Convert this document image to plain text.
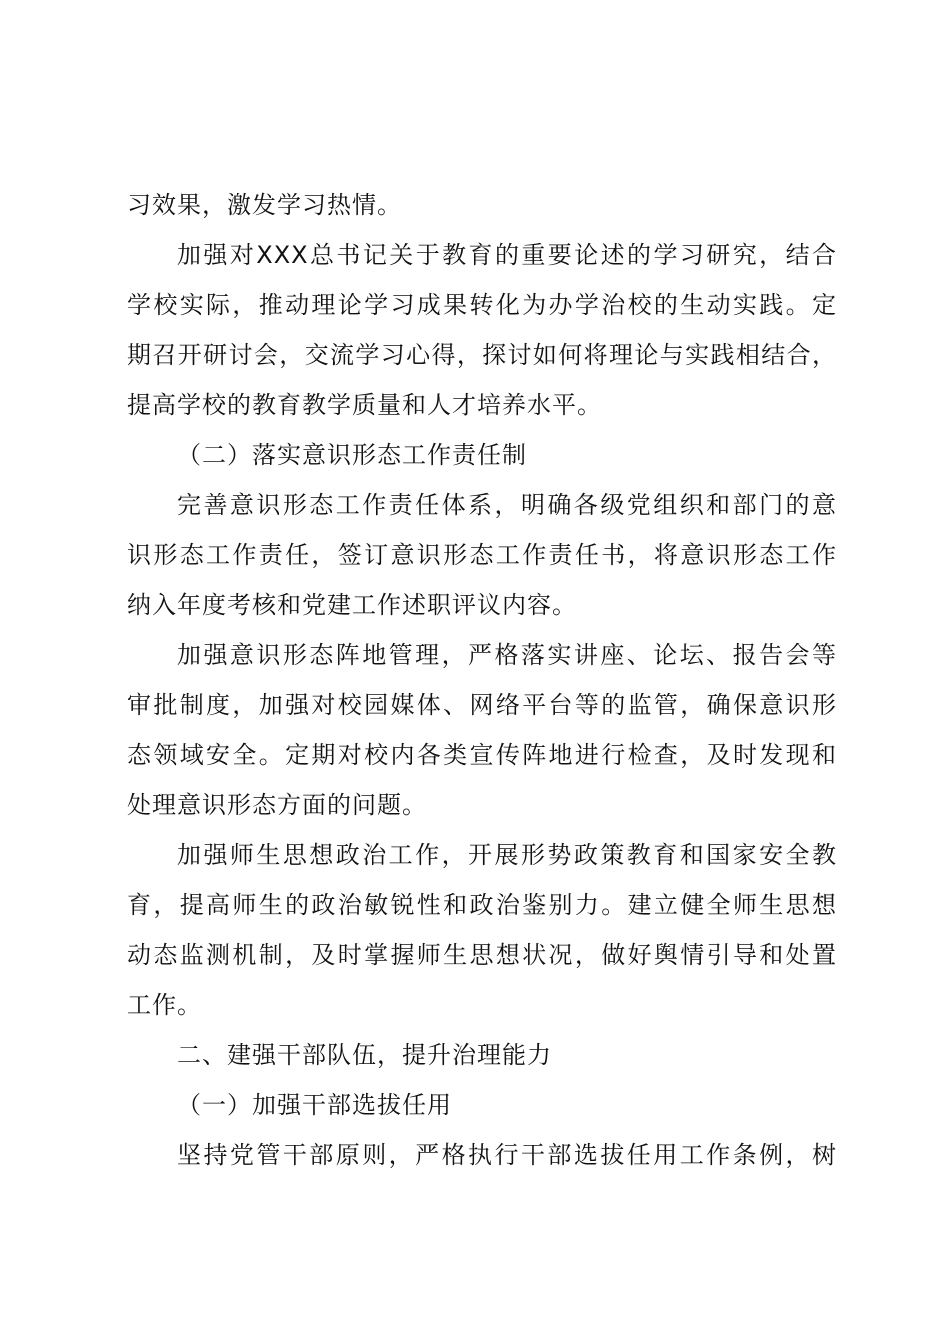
习效果，激发学习热情。
加强对XXX总书记关于教育的重要论述的学习研究，结合
学校实际，推动理论学习成果转化为办学治校的生动实践。定
期召开研讨会，交流学习心得，探讨如何将理论与实践相结合，
提高学校的教育教学质量和人才培养水平。
（二）落实意识形态工作责任制
完善意识形态工作责任体系，明确各级党组织和部门的意
识形态工作责任，签订意识形态工作责任书，将意识形态工作
纳入年度考核和党建工作述职评议内容。
加强意识形态阵地管理，严格落实讲座、论坛、报告会等
审批制度，加强对校园媒体、网络平台等的监管，确保意识形
态领域安全。定期对校内各类宣传阵地进行检查，及时发现和
处理意识形态方面的问题。
加强师生思想政治工作，开展形势政策教育和国家安全教
育，提高师生的政治敏锐性和政治鉴别力。建立健全师生思想
动态监测机制，及时掌握师生思想状况，做好舆情引导和处置
工作。
二、建强干部队伍，提升治理能力
（一）加强干部选拔任用
坚持党管干部原则，严格执行干部选拔任用工作条例，树
